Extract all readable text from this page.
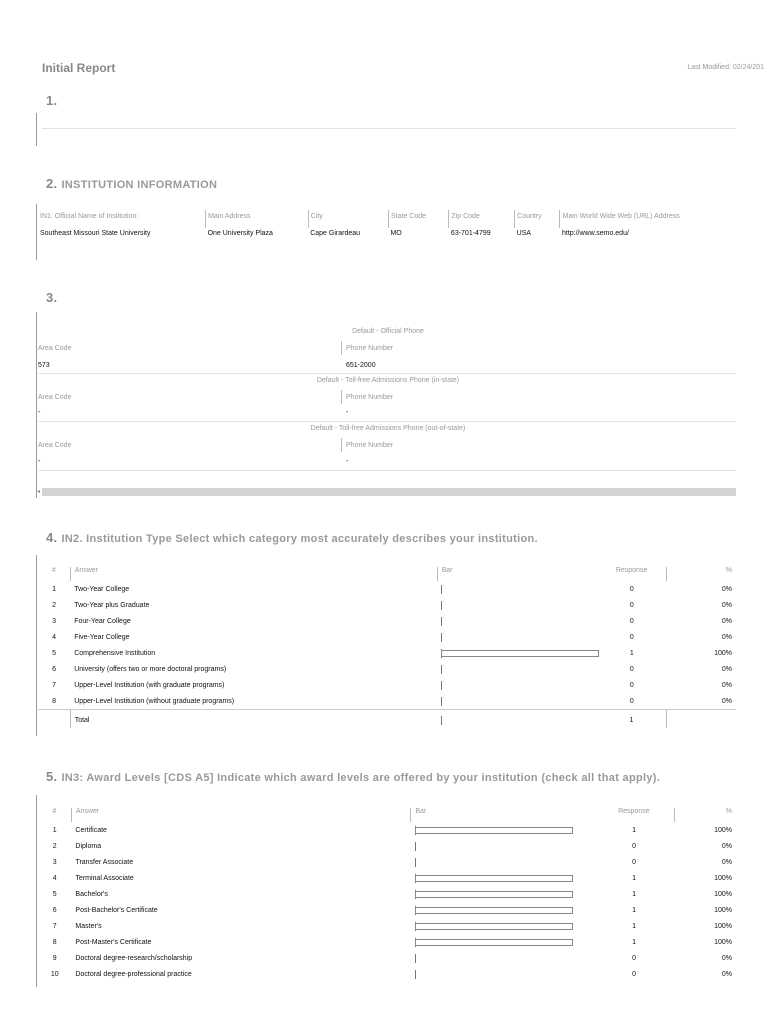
Initial Report	Last Modified: 02/24/201
1.
2. INSTITUTION INFORMATION
IN1. Official Name of Institution:	Main Address	City	State Code	Zip Code	Country	Main World Wide Web (URL) Address
Southeast Missouri State University	One University Plaza	Cape Girardeau	MO	63-701-4799	USA	http://www.semo.edu/
3.
Default - Official Phone
Area Code	Phone Number
573	651-2000
Default - Toll-free Admissions Phone (in-state)
Area Code	Phone Number
-	-
Default - Toll-free Admissions Phone (out-of-state)
Area Code	Phone Number
-	-
◂
4. IN2. Institution Type Select which category most accurately describes your institution.
#	Answer	Bar	Response	%
1	Two-Year College		0	0%
2	Two-Year plus Graduate		0	0%
3	Four-Year College		0	0%
4	Five-Year College		0	0%
5	Comprehensive Institution		1	100%
6	University (offers two or more doctoral programs)		0	0%
7	Upper-Level Institution (with graduate programs)		0	0%
8	Upper-Level Institution (without graduate programs)		0	0%
	Total		1	
5. IN3: Award Levels [CDS A5] Indicate which award levels are offered by your institution (check all that apply).
#	Answer	Bar	Response	%
1	Certificate		1	100%
2	Diploma		0	0%
3	Transfer Associate		0	0%
4	Terminal Associate		1	100%
5	Bachelor's		1	100%
6	Post-Bachelor's Certificate		1	100%
7	Master's		1	100%
8	Post-Master's Certificate		1	100%
9	Doctoral degree-research/scholarship		0	0%
10	Doctoral degree-professional practice		0	0%
